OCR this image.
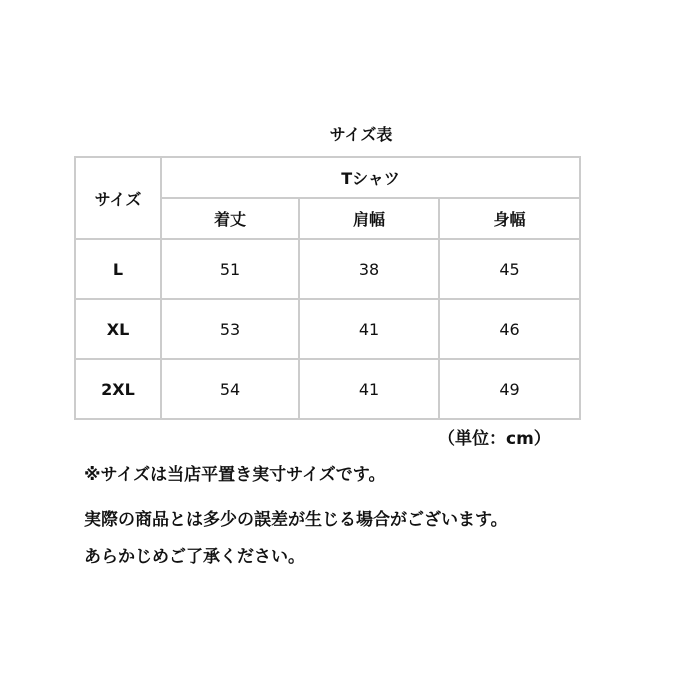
サイズ表
サイズ	Tシャツ		
	着丈	肩幅	身幅
L	51	38	45
XL	53	41	46
2XL	54	41	49
（単位：cm）
※サイズは当店平置き実寸サイズです。
実際の商品とは多少の誤差が生じる場合がございます。
あらかじめご了承ください。
